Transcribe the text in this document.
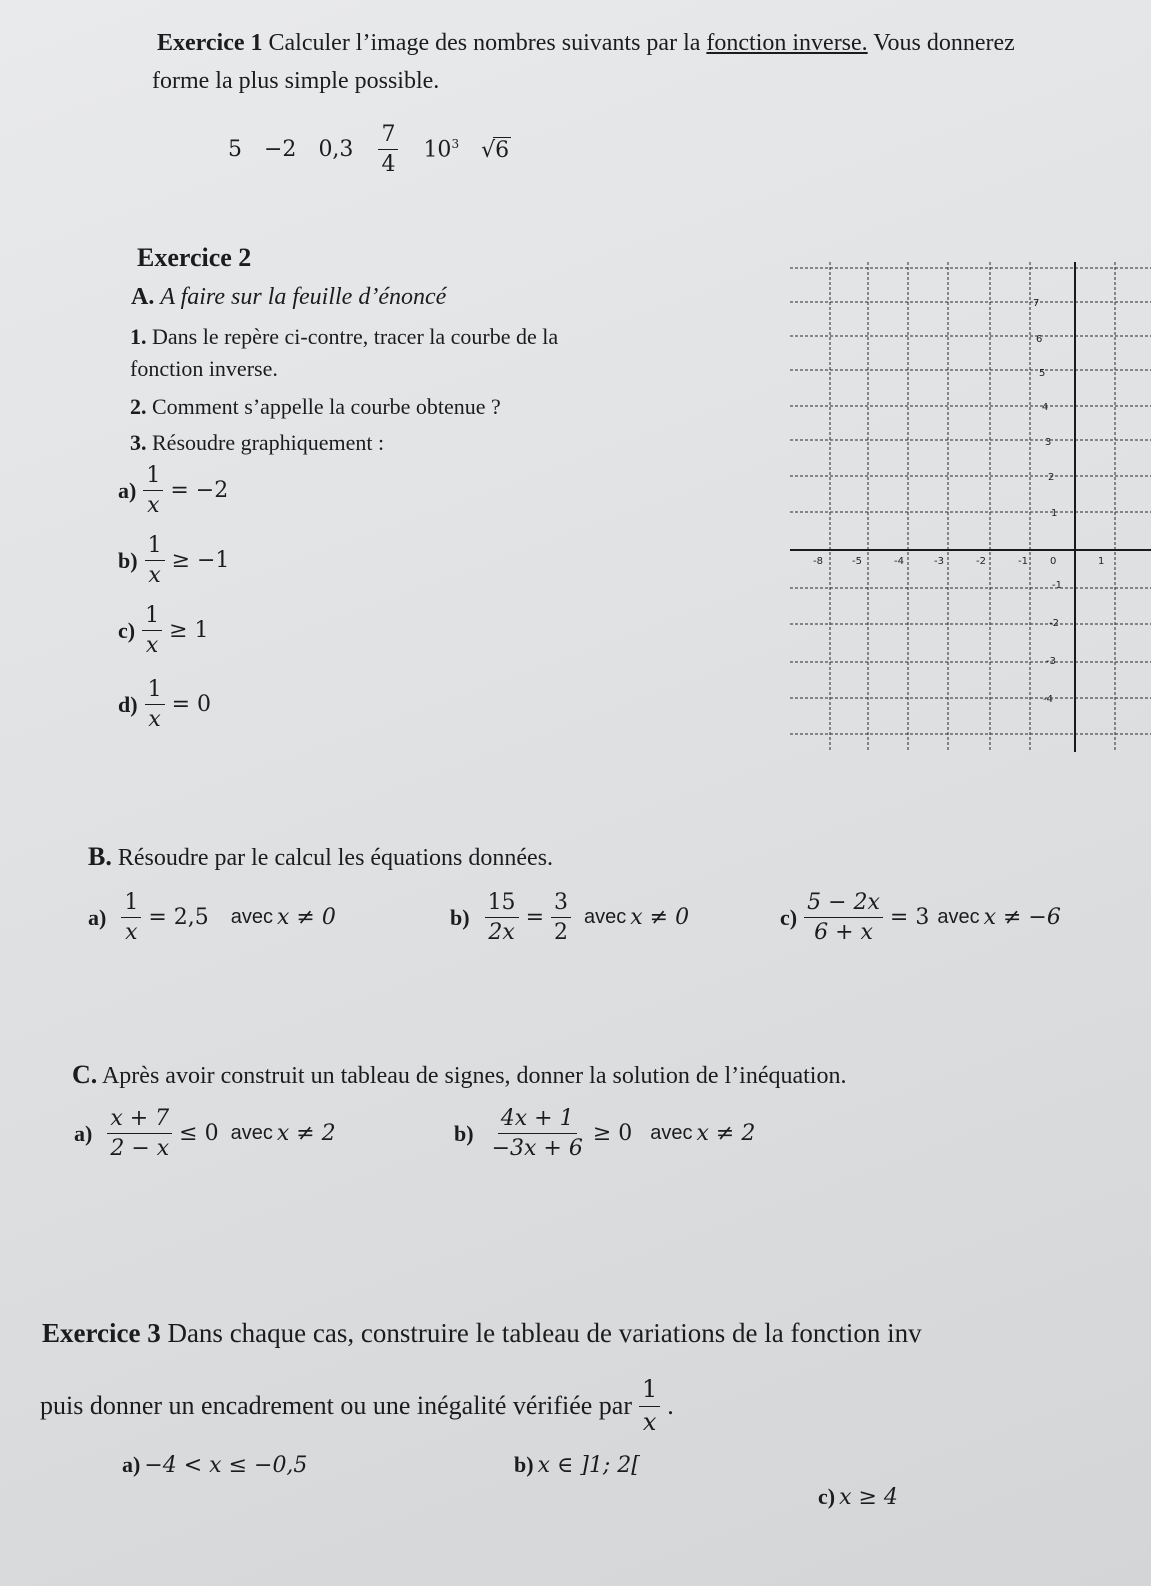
Exercice 1 Calculer l’image des nombres suivants par la fonction inverse. Vous donnerez
forme la plus simple possible.
5 −2 $0,3 \frac{7}{4} 10^3$ √6
Exercice 2
A. A faire sur la feuille d’énoncé
1. Dans le repère ci-contre, tracer la courbe de la
fonction inverse.
2. Comment s’appelle la courbe obtenue ?
3. Résoudre graphiquement :
$a) \frac{1}{x} = -2$
$b) \frac{1}{x} \ge -1$
$c) \frac{1}{x} \ge 1$
$d) \frac{1}{x} = 0$
-8	-5	-4	-3	-2	-1 0	1
7
6
5
4
3
2
1
-1
-2
-3
-4
B. Résoudre par le calcul les équations données.
$a) \frac{1}{x} = 2,5$ avec x ≠ 0	$b) \frac{15}{2x} = \frac{3}{2}$ avec x ≠ 0	$c) \frac{5 - 2x}{6 + x} = 3$ avec x ≠ −6
C. Après avoir construit un tableau de signes, donner la solution de l’inéquation.
$a) \frac{x + 7}{2 - x} \le 0$ avec x ≠ 2	$b) \frac{4x + 1}{-3x + 6} \ge 0$ avec x ≠ 2
Exercice 3 Dans chaque cas, construire le tableau de variations de la fonction inv
puis donner un encadrement ou une inégalité vérifiée par $\frac{1}{x}$ .
a) −4 < x ≤ −0,5	b) x ∈ ]1; 2[
c) x ≥ 4
